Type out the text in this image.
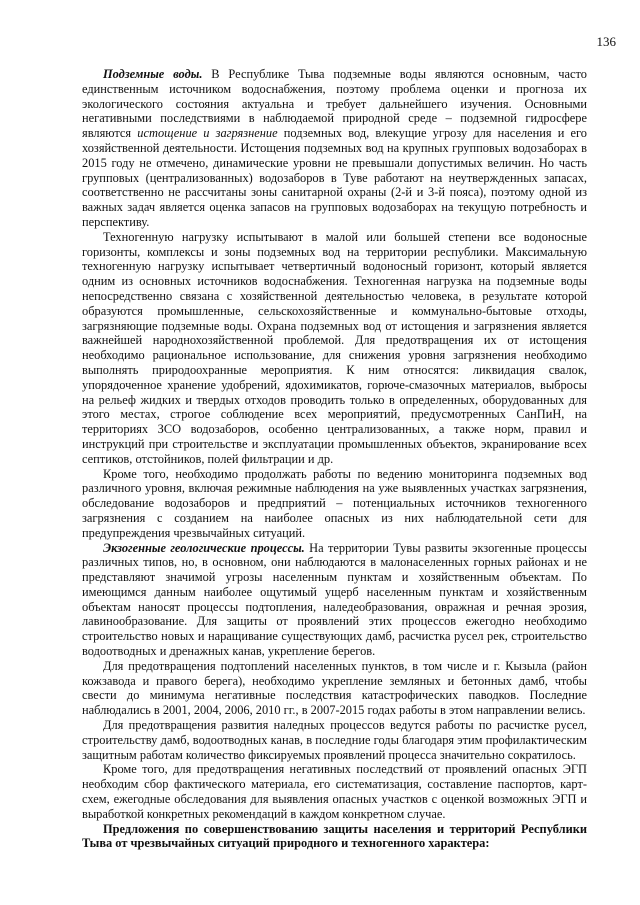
136

Подземные воды. В Республике Тыва подземные воды являются основным, часто единственным источником водоснабжения, поэтому проблема оценки и прогноза их экологического состояния актуальна и требует дальнейшего изучения. Основными негативными последствиями в наблюдаемой природной среде – подземной гидросфере являются истощение и загрязнение подземных вод, влекущие угрозу для населения и его хозяйственной деятельности. Истощения подземных вод на крупных групповых водозаборах в 2015 году не отмечено, динамические уровни не превышали допустимых величин. Но часть групповых (централизованных) водозаборов в Туве работают на неутвержденных запасах, соответственно не рассчитаны зоны санитарной охраны (2-й и 3-й пояса), поэтому одной из важных задач является оценка запасов на групповых водозаборах на текущую потребность и перспективу.

Техногенную нагрузку испытывают в малой или большей степени все водоносные горизонты, комплексы и зоны подземных вод на территории республики. Максимальную техногенную нагрузку испытывает четвертичный водоносный горизонт, который является одним из основных источников водоснабжения. Техногенная нагрузка на подземные воды непосредственно связана с хозяйственной деятельностью человека, в результате которой образуются промышленные, сельскохозяйственные и коммунально-бытовые отходы, загрязняющие подземные воды. Охрана подземных вод от истощения и загрязнения является важнейшей народнохозяйственной проблемой. Для предотвращения их от истощения необходимо рациональное использование, для снижения уровня загрязнения необходимо выполнять природоохранные мероприятия. К ним относятся: ликвидация свалок, упорядоченное хранение удобрений, ядохимикатов, горюче-смазочных материалов, выбросы на рельеф жидких и твердых отходов проводить только в определенных, оборудованных для этого местах, строгое соблюдение всех мероприятий, предусмотренных СанПиН, на территориях ЗСО водозаборов, особенно централизованных, а также норм, правил и инструкций при строительстве и эксплуатации промышленных объектов, экранирование всех септиков, отстойников, полей фильтрации и др.

Кроме того, необходимо продолжать работы по ведению мониторинга подземных вод различного уровня, включая режимные наблюдения на уже выявленных участках загрязнения, обследование водозаборов и предприятий – потенциальных источников техногенного загрязнения с созданием на наиболее опасных из них наблюдательной сети для предупреждения чрезвычайных ситуаций.

Экзогенные геологические процессы. На территории Тувы развиты экзогенные процессы различных типов, но, в основном, они наблюдаются в малонаселенных горных районах и не представляют значимой угрозы населенным пунктам и хозяйственным объектам. По имеющимся данным наиболее ощутимый ущерб населенным пунктам и хозяйственным объектам наносят процессы подтопления, наледеобразования, овражная и речная эрозия, лавинообразование. Для защиты от проявлений этих процессов ежегодно необходимо строительство новых и наращивание существующих дамб, расчистка русел рек, строительство водоотводных и дренажных канав, укрепление берегов.

Для предотвращения подтоплений населенных пунктов, в том числе и г. Кызыла (район кожзавода и правого берега), необходимо укрепление земляных и бетонных дамб, чтобы свести до минимума негативные последствия катастрофических паводков. Последние наблюдались в 2001, 2004, 2006, 2010 гг., в 2007-2015 годах работы в этом направлении велись.

Для предотвращения развития наледных процессов ведутся работы по расчистке русел, строительству дамб, водоотводных канав, в последние годы благодаря этим профилактическим защитным работам количество фиксируемых проявлений процесса значительно сократилось.

Кроме того, для предотвращения негативных последствий от проявлений опасных ЭГП необходим сбор фактического материала, его систематизация, составление паспортов, карт-схем, ежегодные обследования для выявления опасных участков с оценкой возможных ЭГП и выработкой конкретных рекомендаций в каждом конкретном случае.

Предложения по совершенствованию защиты населения и территорий Республики Тыва от чрезвычайных ситуаций природного и техногенного характера:
